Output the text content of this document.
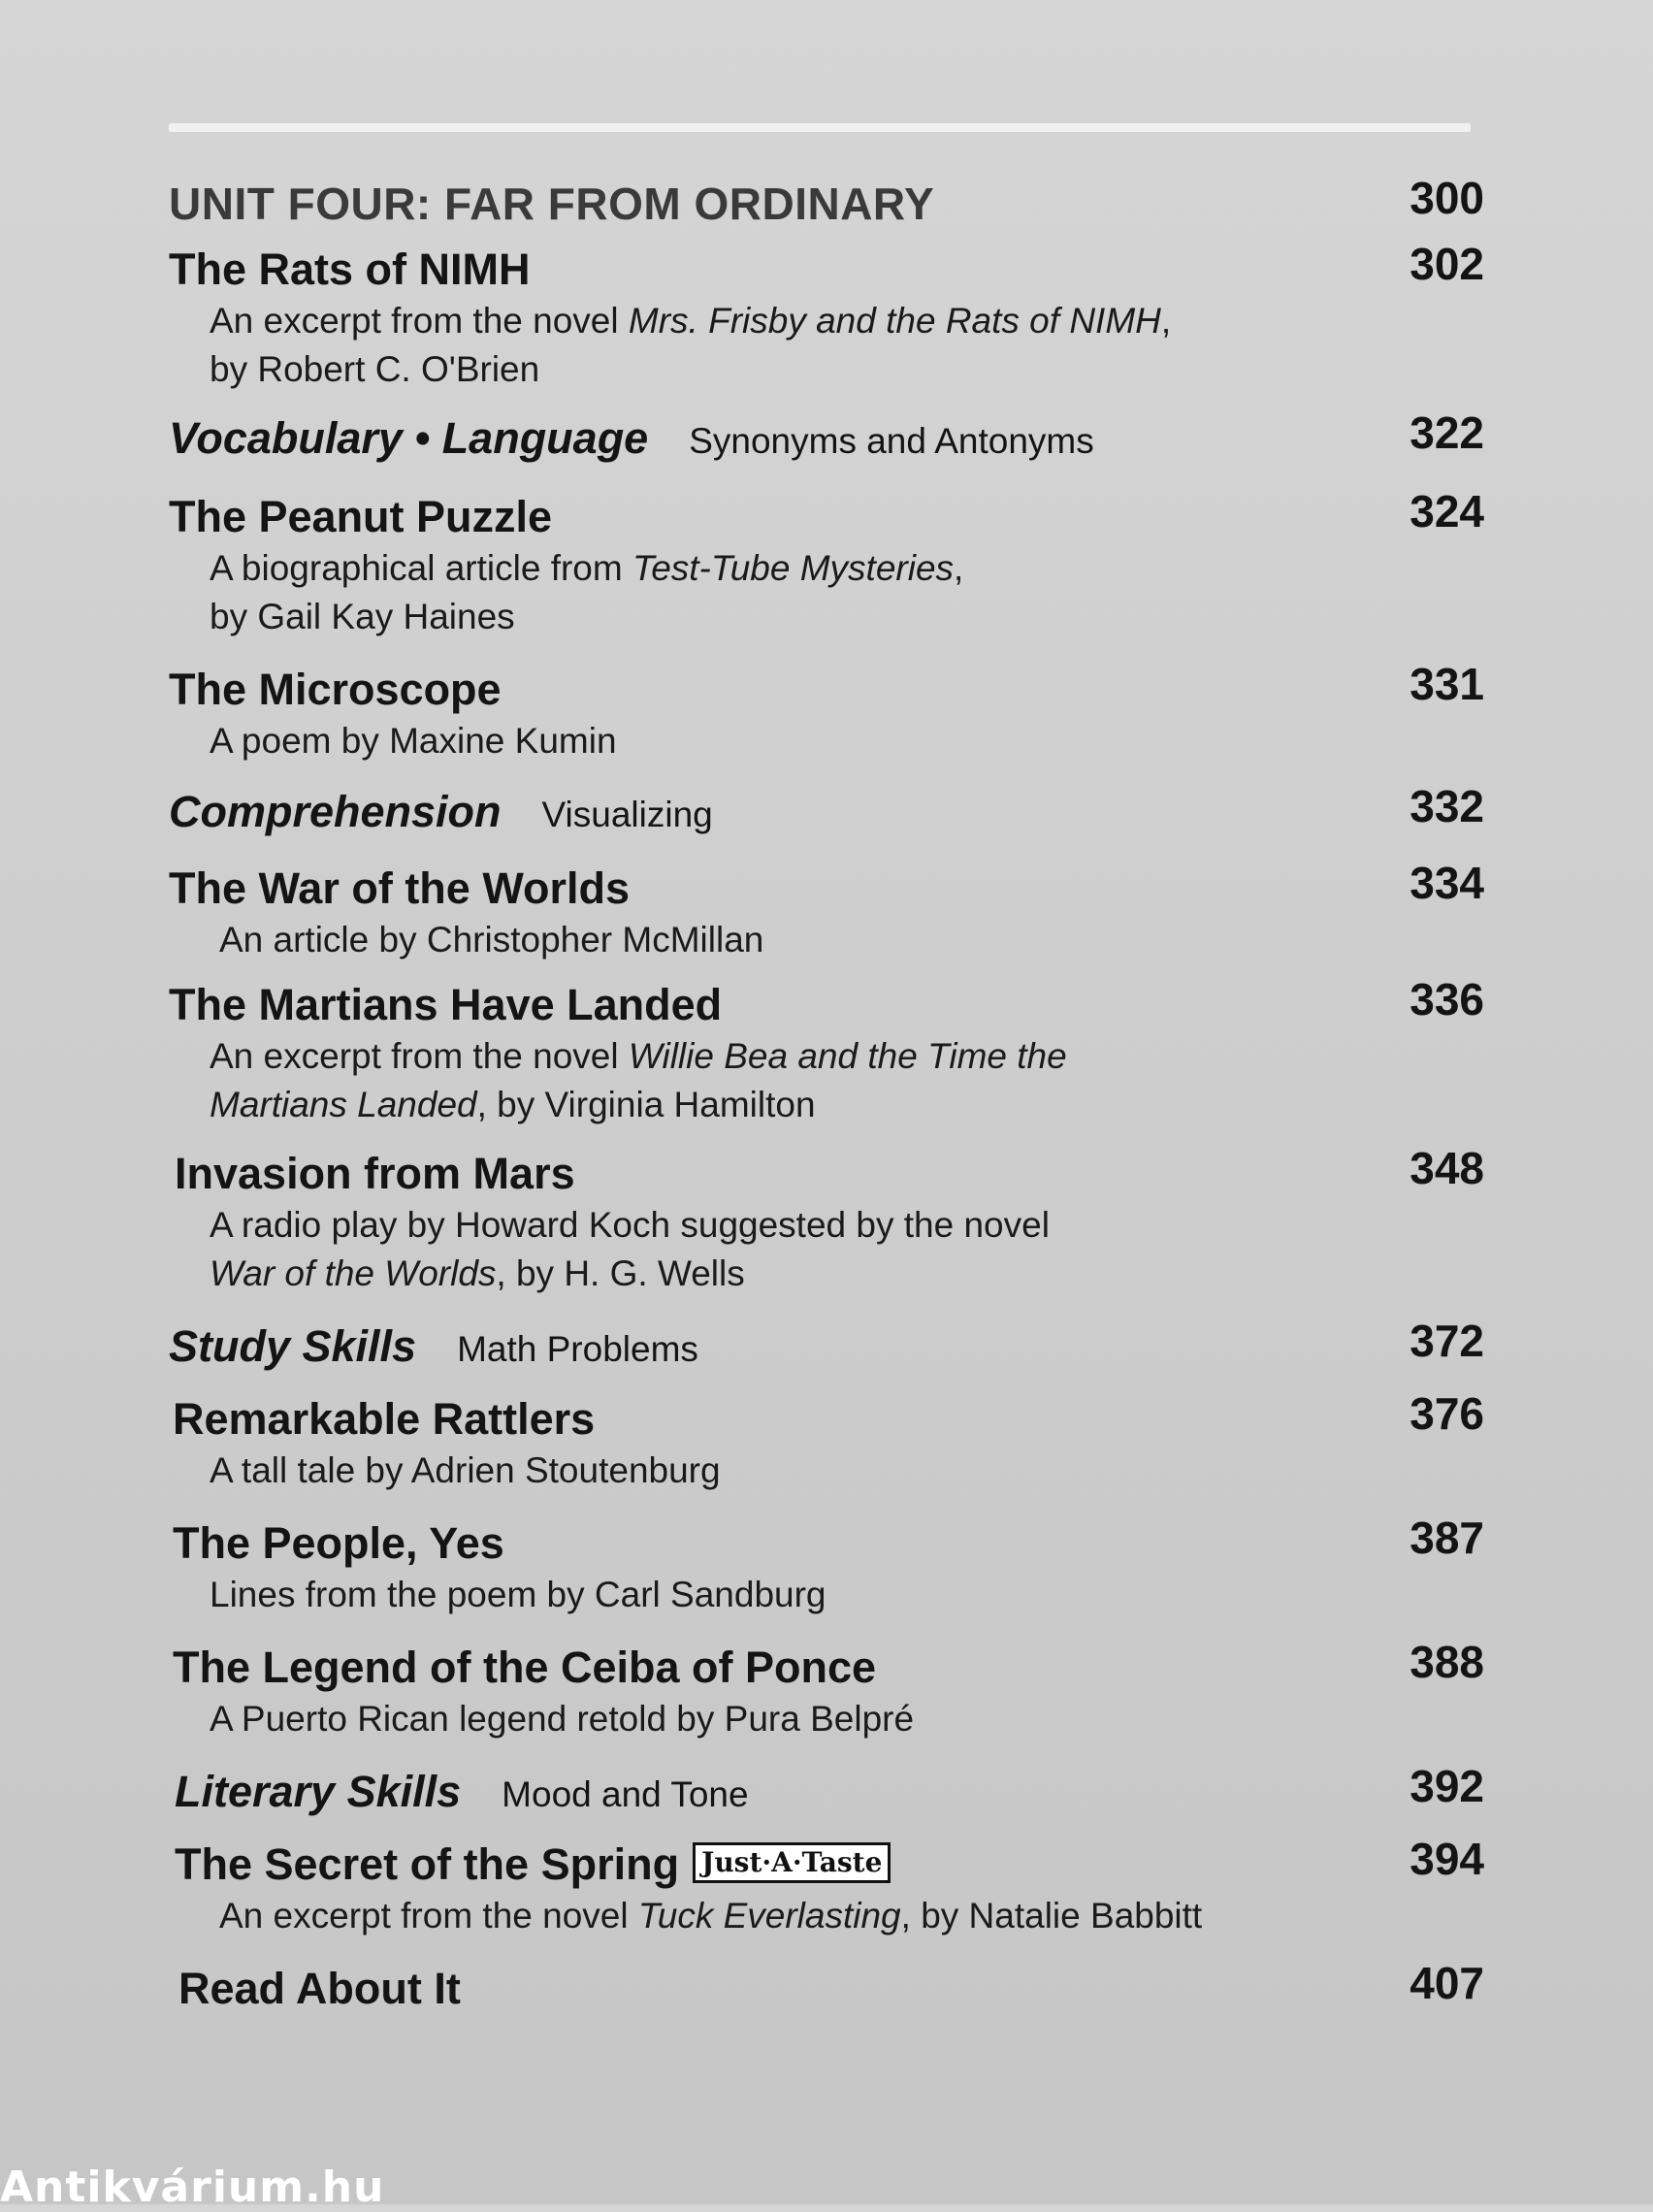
UNIT FOUR: FAR FROM ORDINARY	300
The Rats of NIMH	302
An excerpt from the novel Mrs. Frisby and the Rats of NIMH,
by Robert C. O'Brien
Vocabulary • Language Synonyms and Antonyms	322
The Peanut Puzzle	324
A biographical article from Test-Tube Mysteries,
by Gail Kay Haines
The Microscope	331
A poem by Maxine Kumin
Comprehension Visualizing	332
The War of the Worlds	334
An article by Christopher McMillan
The Martians Have Landed	336
An excerpt from the novel Willie Bea and the Time the
Martians Landed, by Virginia Hamilton
Invasion from Mars	348
A radio play by Howard Koch suggested by the novel
War of the Worlds, by H. G. Wells
Study Skills Math Problems	372
Remarkable Rattlers	376
A tall tale by Adrien Stoutenburg
The People, Yes	387
Lines from the poem by Carl Sandburg
The Legend of the Ceiba of Ponce	388
A Puerto Rican legend retold by Pura Belpré
Literary Skills Mood and Tone	392
The Secret of the Spring Just·A·Taste	394
An excerpt from the novel Tuck Everlasting, by Natalie Babbitt
Read About It	407
Antikvárium.hu
